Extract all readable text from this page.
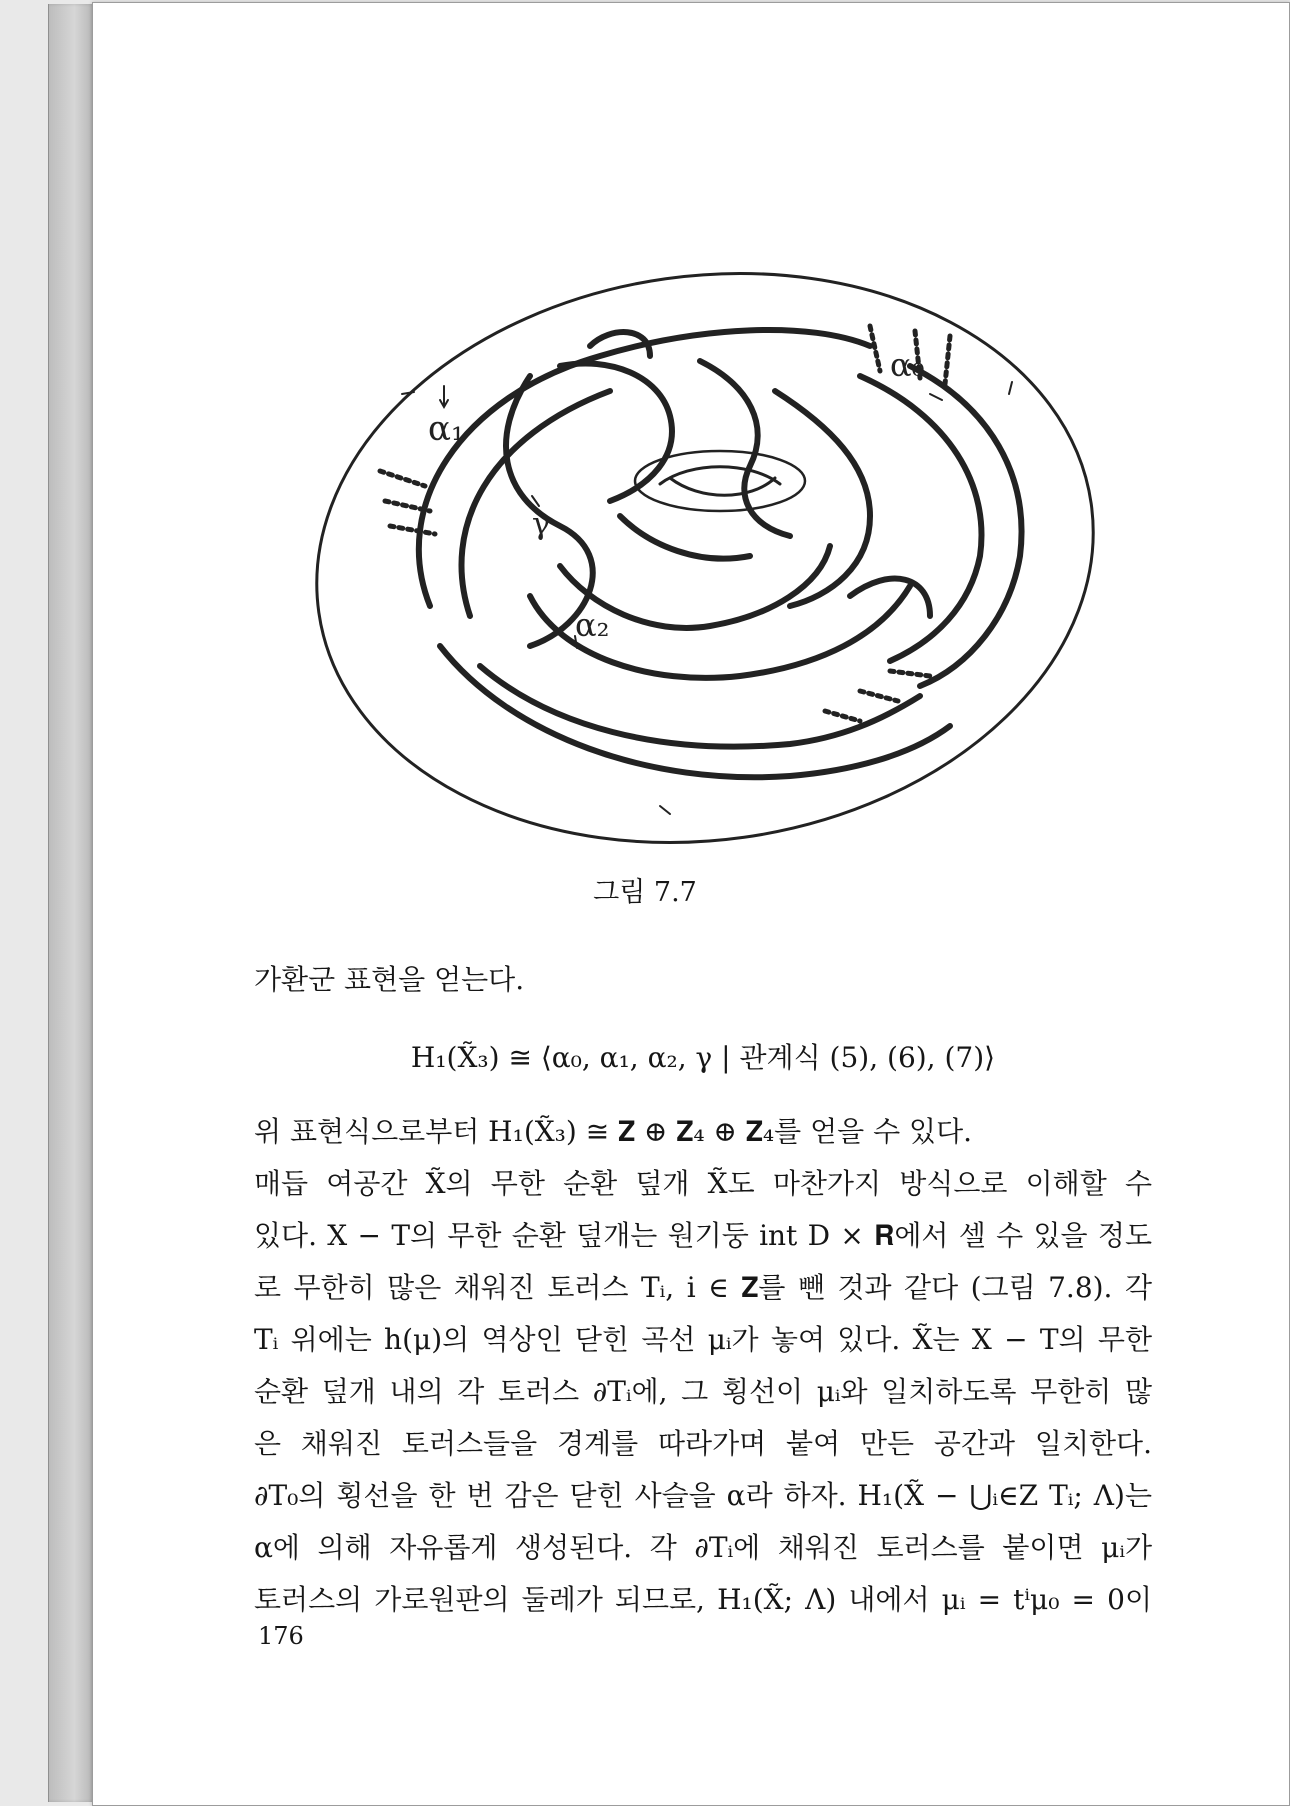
α₁
α₀
γ
α₂
그림 7.7
가환군 표현을 얻는다.
H₁(X̃₃) ≅ ⟨α₀, α₁, α₂, γ | 관계식 (5), (6), (7)⟩
위 표현식으로부터 H₁(X̃₃) ≅ 𝐙 ⊕ 𝐙₄ ⊕ 𝐙₄를 얻을 수 있다.
매듭 여공간 X̃의 무한 순환 덮개 X̃도 마찬가지 방식으로 이해할 수
있다. X − T의 무한 순환 덮개는 원기둥 int D × 𝐑에서 셀 수 있을 정도
로 무한히 많은 채워진 토러스 Tᵢ, i ∈ 𝐙를 뺀 것과 같다 (그림 7.8). 각
Tᵢ 위에는 h(μ)의 역상인 닫힌 곡선 μᵢ가 놓여 있다. X̃는 X − T의 무한
순환 덮개 내의 각 토러스 ∂Tᵢ에, 그 횡선이 μᵢ와 일치하도록 무한히 많
은 채워진 토러스들을 경계를 따라가며 붙여 만든 공간과 일치한다.
∂T₀의 횡선을 한 번 감은 닫힌 사슬을 α라 하자. H₁(X̃ − ⋃ᵢ∈Z Tᵢ; Λ)는
α에 의해 자유롭게 생성된다. 각 ∂Tᵢ에 채워진 토러스를 붙이면 μᵢ가
토러스의 가로원판의 둘레가 되므로, H₁(X̃; Λ) 내에서 μᵢ = tⁱμ₀ = 0이
176
